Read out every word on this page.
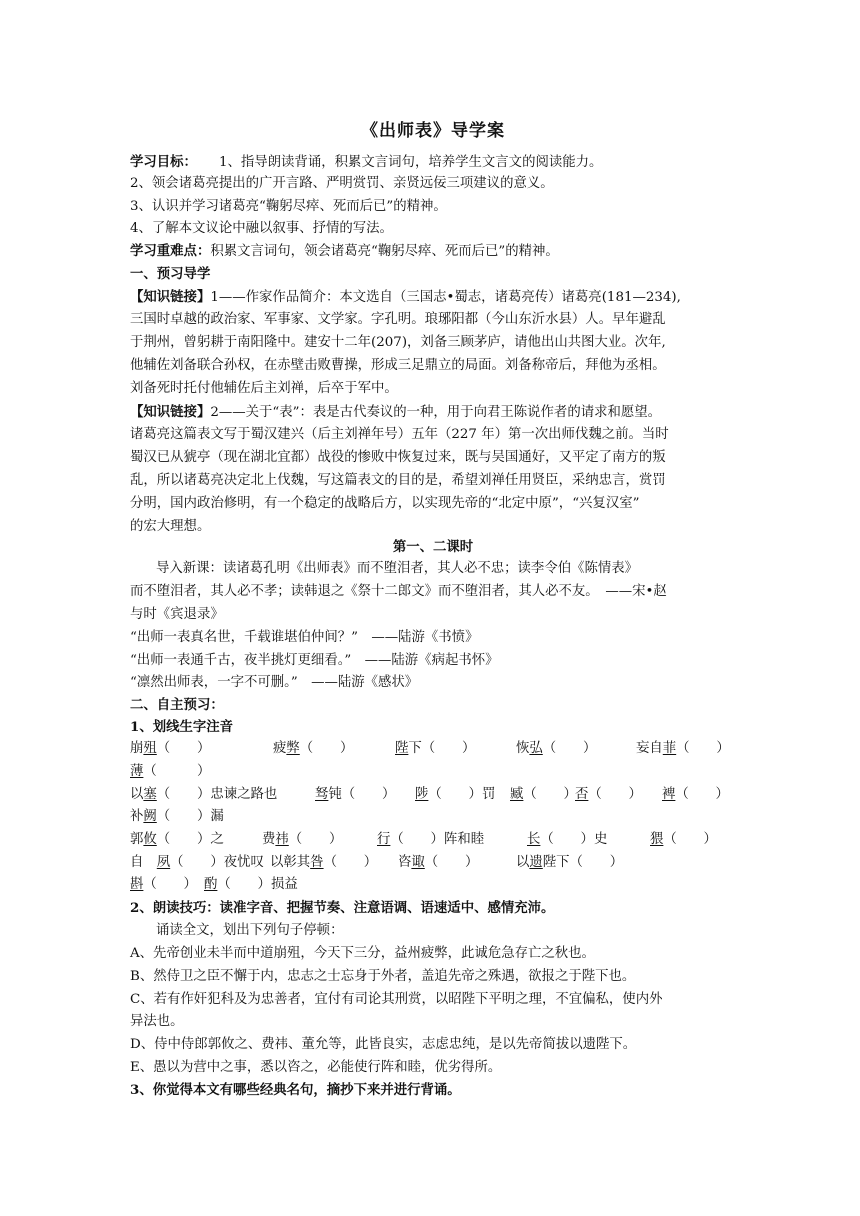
《出师表》导学案
学习目标： 1、指导朗读背诵，积累文言词句，培养学生文言文的阅读能力。
2、领会诸葛亮提出的广开言路、严明赏罚、亲贤远佞三项建议的意义。
3、认识并学习诸葛亮“鞠躬尽瘁、死而后已”的精神。
4、了解本文议论中融以叙事、抒情的写法。
学习重难点：积累文言词句，领会诸葛亮“鞠躬尽瘁、死而后已”的精神。
一、预习导学
【知识链接】1——作家作品简介：本文选自（三国志•蜀志，诸葛亮传）诸葛亮(181—234),
三国时卓越的政治家、军事家、文学家。字孔明。琅琊阳都（今山东沂水县）人。早年避乱
于荆州，曾躬耕于南阳隆中。建安十二年(207)，刘备三顾茅庐，请他出山共图大业。次年,
他辅佐刘备联合孙权，在赤壁击败曹操，形成三足鼎立的局面。刘备称帝后，拜他为丞相。
刘备死时托付他辅佐后主刘禅，后卒于军中。
【知识链接】2——关于“表”：表是古代奏议的一种，用于向君王陈说作者的请求和愿望。
诸葛亮这篇表文写于蜀汉建兴（后主刘禅年号）五年（227 年）第一次出师伐魏之前。当时
蜀汉已从猇亭（现在湖北宜都）战役的惨败中恢复过来，既与吴国通好，又平定了南方的叛
乱，所以诸葛亮决定北上伐魏，写这篇表文的目的是，希望刘禅任用贤臣，采纳忠言，赏罚
分明，国内政治修明，有一个稳定的战略后方，以实现先帝的“北定中原”，“兴复汉室”
的宏大理想。
第一、二课时
导入新课：读诸葛孔明《出师表》而不堕泪者，其人必不忠；读李令伯《陈情表》
而不堕泪者，其人必不孝；读韩退之《祭十二郎文》而不堕泪者，其人必不友。　——宋•赵
与时《宾退录》
“出师一表真名世，千载谁堪伯仲间？”　——陆游《书愤》
“出师一表通千古，夜半挑灯更细看。”　——陆游《病起书怀》
“凛然出师表，一字不可删。”　——陆游《感状》
二、自主预习：
1、划线生字注音
崩殂（　　）	疲弊（　　）	陛下（　　）	恢弘（　　）	妄自菲（　　）
薄（　　　）
以塞（　　）忠谏之路也	驽钝（　　） 陟（　　）罚 臧（　　）
否（　　） 裨（　　）
补阙（　　）漏
郭攸（　　）之	费祎（　　）	行（　　）阵和睦	长（　　）史	猥（　　）
自　夙（　　）夜忧叹 以彰其咎（　　） 咨诹（　　）	以遗陛下（　　）
斟（　　） 酌（　　）损益
2、朗读技巧：读准字音、把握节奏、注意语调、语速适中、感情充沛。
诵读全文，划出下列句子停顿：
A、先帝创业未半而中道崩殂，今天下三分，益州疲弊，此诚危急存亡之秋也。
B、然侍卫之臣不懈于内，忠志之士忘身于外者，盖追先帝之殊遇，欲报之于陛下也。
C、若有作奸犯科及为忠善者，宜付有司论其刑赏，以昭陛下平明之理，不宜偏私，使内外
异法也。
D、侍中侍郎郭攸之、费祎、董允等，此皆良实，志虑忠纯，是以先帝简拔以遗陛下。
E、愚以为营中之事，悉以咨之，必能使行阵和睦，优劣得所。
3、你觉得本文有哪些经典名句，摘抄下来并进行背诵。
